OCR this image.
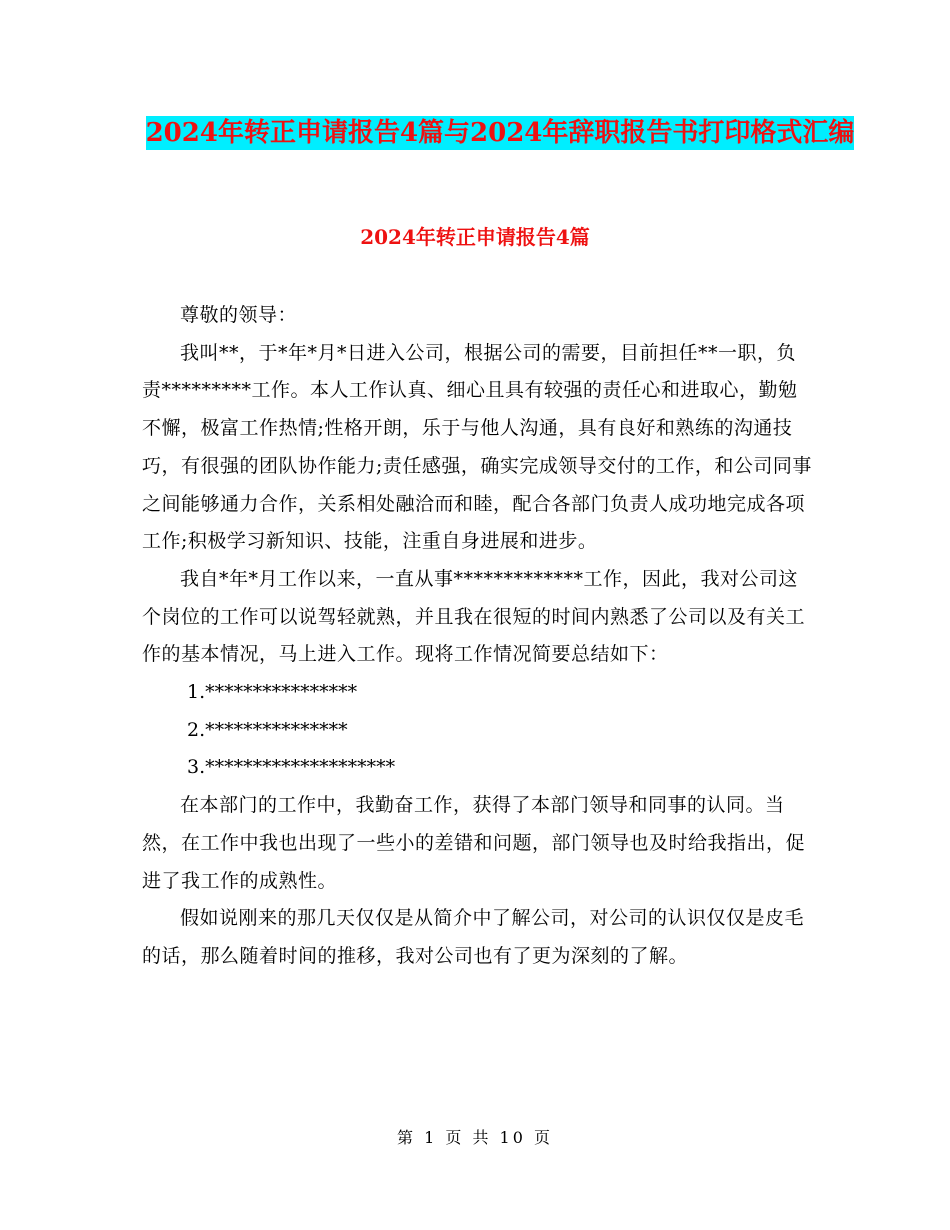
2024年转正申请报告4篇与2024年辞职报告书打印格式汇编
2024年转正申请报告4篇

尊敬的领导：

我叫**，于*年*月*日进入公司，根据公司的需要，目前担任**一职，负责*********工作。本人工作认真、细心且具有较强的责任心和进取心，勤勉不懈，极富工作热情;性格开朗，乐于与他人沟通，具有良好和熟练的沟通技巧，有很强的团队协作能力;责任感强，确实完成领导交付的工作，和公司同事之间能够通力合作，关系相处融洽而和睦，配合各部门负责人成功地完成各项工作;积极学习新知识、技能，注重自身进展和进步。

我自*年*月工作以来，一直从事*************工作，因此，我对公司这个岗位的工作可以说驾轻就熟，并且我在很短的时间内熟悉了公司以及有关工作的基本情况，马上进入工作。现将工作情况简要总结如下：

1.****************

2.***************

3.********************

在本部门的工作中，我勤奋工作，获得了本部门领导和同事的认同。当然，在工作中我也出现了一些小的差错和问题，部门领导也及时给我指出，促进了我工作的成熟性。

假如说刚来的那几天仅仅是从简介中了解公司，对公司的认识仅仅是皮毛的话，那么随着时间的推移，我对公司也有了更为深刻的了解。

第 1 页 共 10 页
